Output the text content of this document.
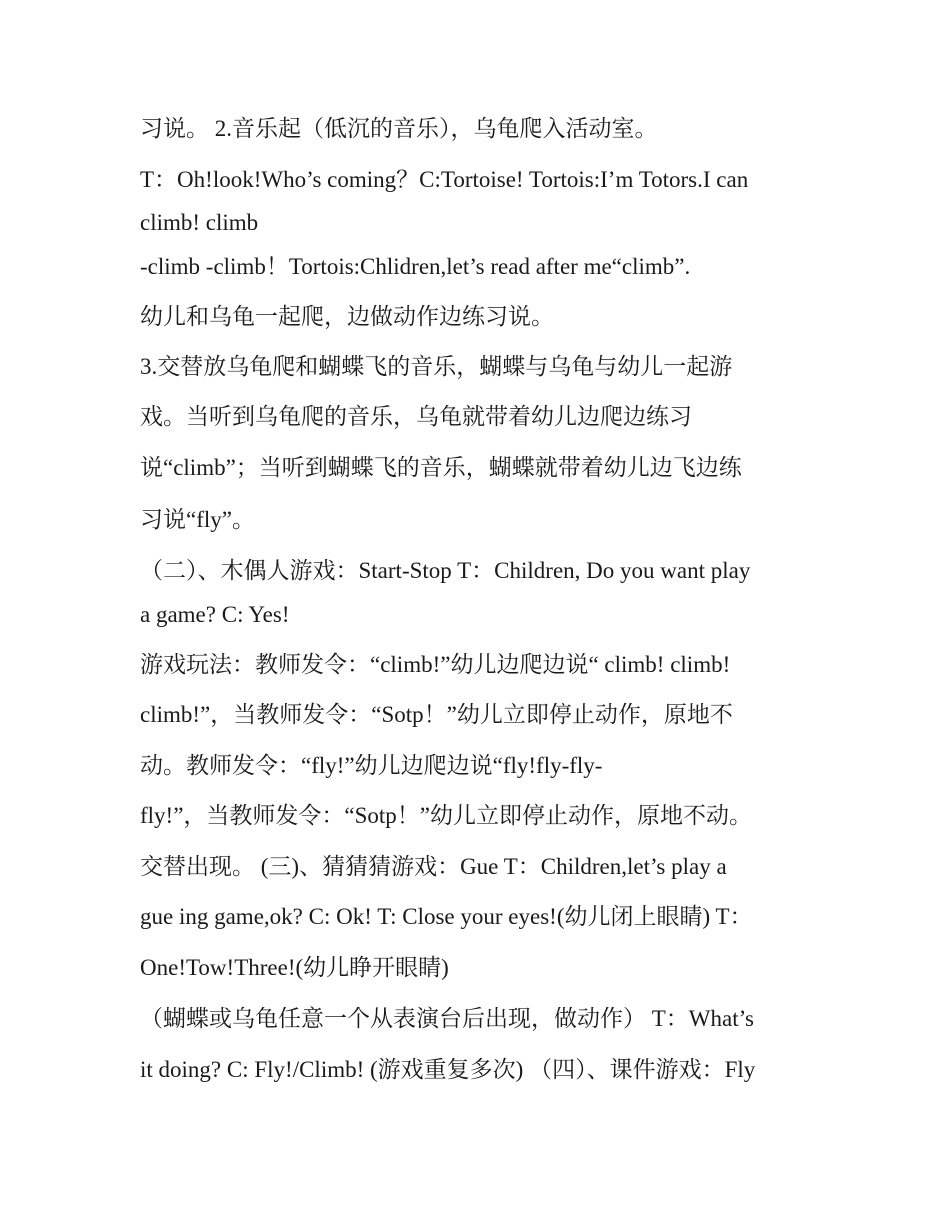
习说。 2.音乐起（低沉的音乐），乌龟爬入活动室。

T：Oh!look!Who’s coming？C:Tortoise! Tortois:I’m Totors.I can

climb! climb

-climb -climb！Tortois:Chlidren,let’s read after me“climb”.

幼儿和乌龟一起爬，边做动作边练习说。

3.交替放乌龟爬和蝴蝶飞的音乐，蝴蝶与乌龟与幼儿一起游

戏。当听到乌龟爬的音乐，乌龟就带着幼儿边爬边练习

说“climb”；当听到蝴蝶飞的音乐，蝴蝶就带着幼儿边飞边练

习说“fly”。

（二）、木偶人游戏：Start-Stop T：Children, Do you want play

a game? C: Yes!

游戏玩法：教师发令：“climb!”幼儿边爬边说“ climb! climb!

climb!”，当教师发令：“Sotp！”幼儿立即停止动作，原地不

动。教师发令：“fly!”幼儿边爬边说“fly!fly-fly-

fly!”，当教师发令：“Sotp！”幼儿立即停止动作，原地不动。

交替出现。 (三)、猜猜猜游戏：Gue T：Children,let’s play a

gue ing game,ok? C: Ok! T: Close your eyes!(幼儿闭上眼睛) T：

One!Tow!Three!(幼儿睁开眼睛)

（蝴蝶或乌龟任意一个从表演台后出现，做动作） T：What’s

it doing? C: Fly!/Climb! (游戏重复多次) （四）、课件游戏：Fly
